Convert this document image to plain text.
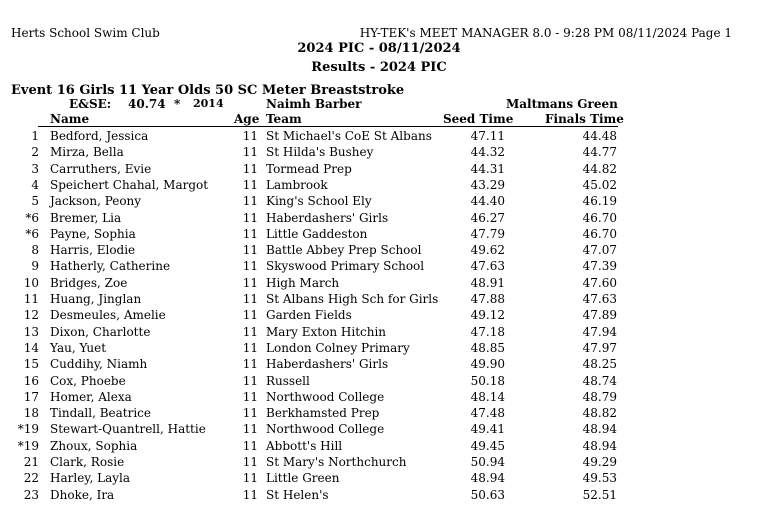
Herts School Swim Club	HY-TEK's MEET MANAGER 8.0 - 9:28 PM 08/11/2024 Page 1
2024 PIC - 08/11/2024
Results - 2024 PIC
Event 16 Girls 11 Year Olds 50 SC Meter Breaststroke
E&SE: 40.74 * 2014	Naimh Barber	Maltmans Green
Name	Age Team	Seed Time	Finals Time
1 Bedford, Jessica	11 St Michael's CoE St Albans	47.11	44.48
2 Mirza, Bella	11 St Hilda's Bushey	44.32	44.77
3 Carruthers, Evie	11 Tormead Prep	44.31	44.82
4 Speichert Chahal, Margot	11 Lambrook	43.29	45.02
5 Jackson, Peony	11 King's School Ely	44.40	46.19
*6 Bremer, Lia	11 Haberdashers' Girls	46.27	46.70
*6 Payne, Sophia	11 Little Gaddeston	47.79	46.70
8 Harris, Elodie	11 Battle Abbey Prep School	49.62	47.07
9 Hatherly, Catherine	11 Skyswood Primary School	47.63	47.39
10 Bridges, Zoe	11 High March	48.91	47.60
11 Huang, Jinglan	11 St Albans High Sch for Girls	47.88	47.63
12 Desmeules, Amelie	11 Garden Fields	49.12	47.89
13 Dixon, Charlotte	11 Mary Exton Hitchin	47.18	47.94
14 Yau, Yuet	11 London Colney Primary	48.85	47.97
15 Cuddihy, Niamh	11 Haberdashers' Girls	49.90	48.25
16 Cox, Phoebe	11 Russell	50.18	48.74
17 Homer, Alexa	11 Northwood College	48.14	48.79
18 Tindall, Beatrice	11 Berkhamsted Prep	47.48	48.82
*19 Stewart-Quantrell, Hattie	11 Northwood College	49.41	48.94
*19 Zhoux, Sophia	11 Abbott's Hill	49.45	48.94
21 Clark, Rosie	11 St Mary's Northchurch	50.94	49.29
22 Harley, Layla	11 Little Green	48.94	49.53
23 Dhoke, Ira	11 St Helen's	50.63	52.51
